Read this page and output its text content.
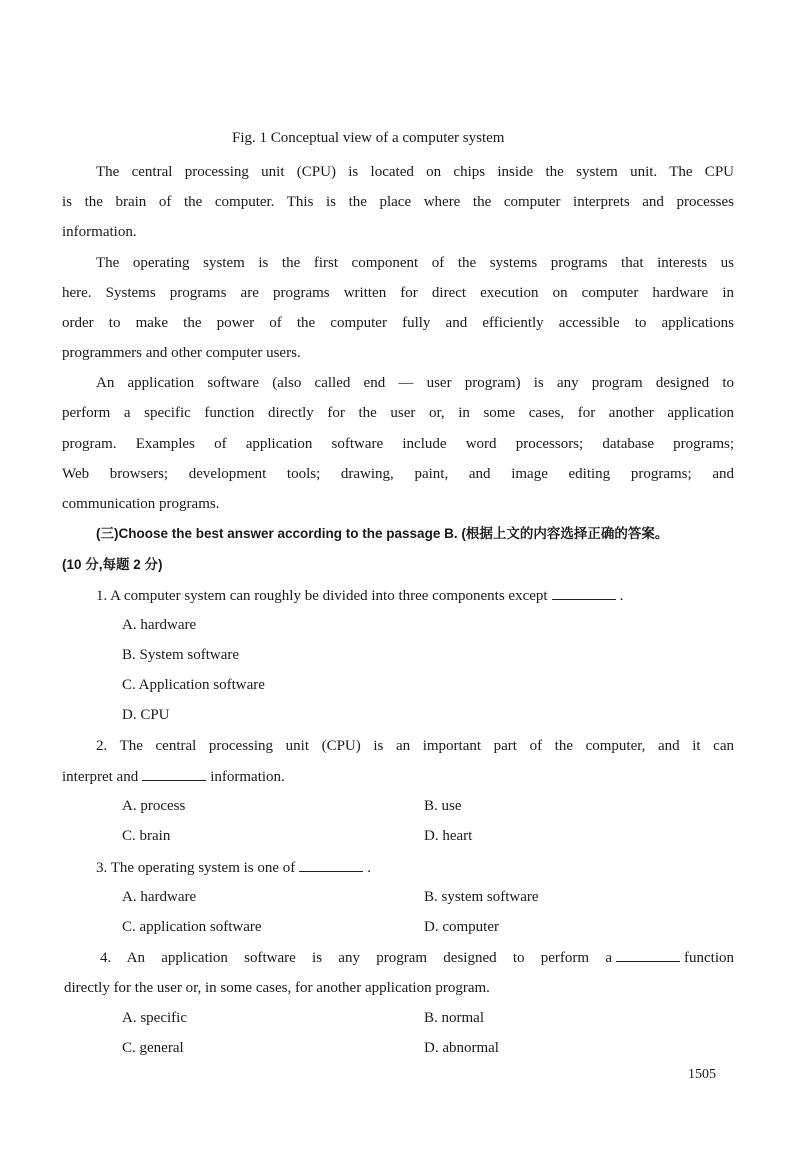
Fig. 1 Conceptual view of a computer system
The central processing unit (CPU) is located on chips inside the system unit. The CPU
is the brain of the computer. This is the place where the computer interprets and processes
information.
The operating system is the first component of the systems programs that interests us
here. Systems programs are programs written for direct execution on computer hardware in
order to make the power of the computer fully and efficiently accessible to applications
programmers and other computer users.
An application software (also called end — user program) is any program designed to
perform a specific function directly for the user or, in some cases, for another application
program. Examples of application software include word processors; database programs;
Web browsers; development tools; drawing, paint, and image editing programs; and
communication programs.
(三)Choose the best answer according to the passage B. (根据上文的内容选择正确的答案。
(10 分,每题 2 分)
1. A computer system can roughly be divided into three components except	.
A. hardware
B. System software
C. Application software
D. CPU
2. The central processing unit (CPU) is an important part of the computer, and it can
interpret and	information.
A. process	B. use
C. brain	D. heart
3. The operating system is one of	.
A. hardware	B. system software
C. application software	D. computer
4. An application software is any program designed to perform a	function
directly for the user or, in some cases, for another application program.
A. specific	B. normal
C. general	D. abnormal
1505
